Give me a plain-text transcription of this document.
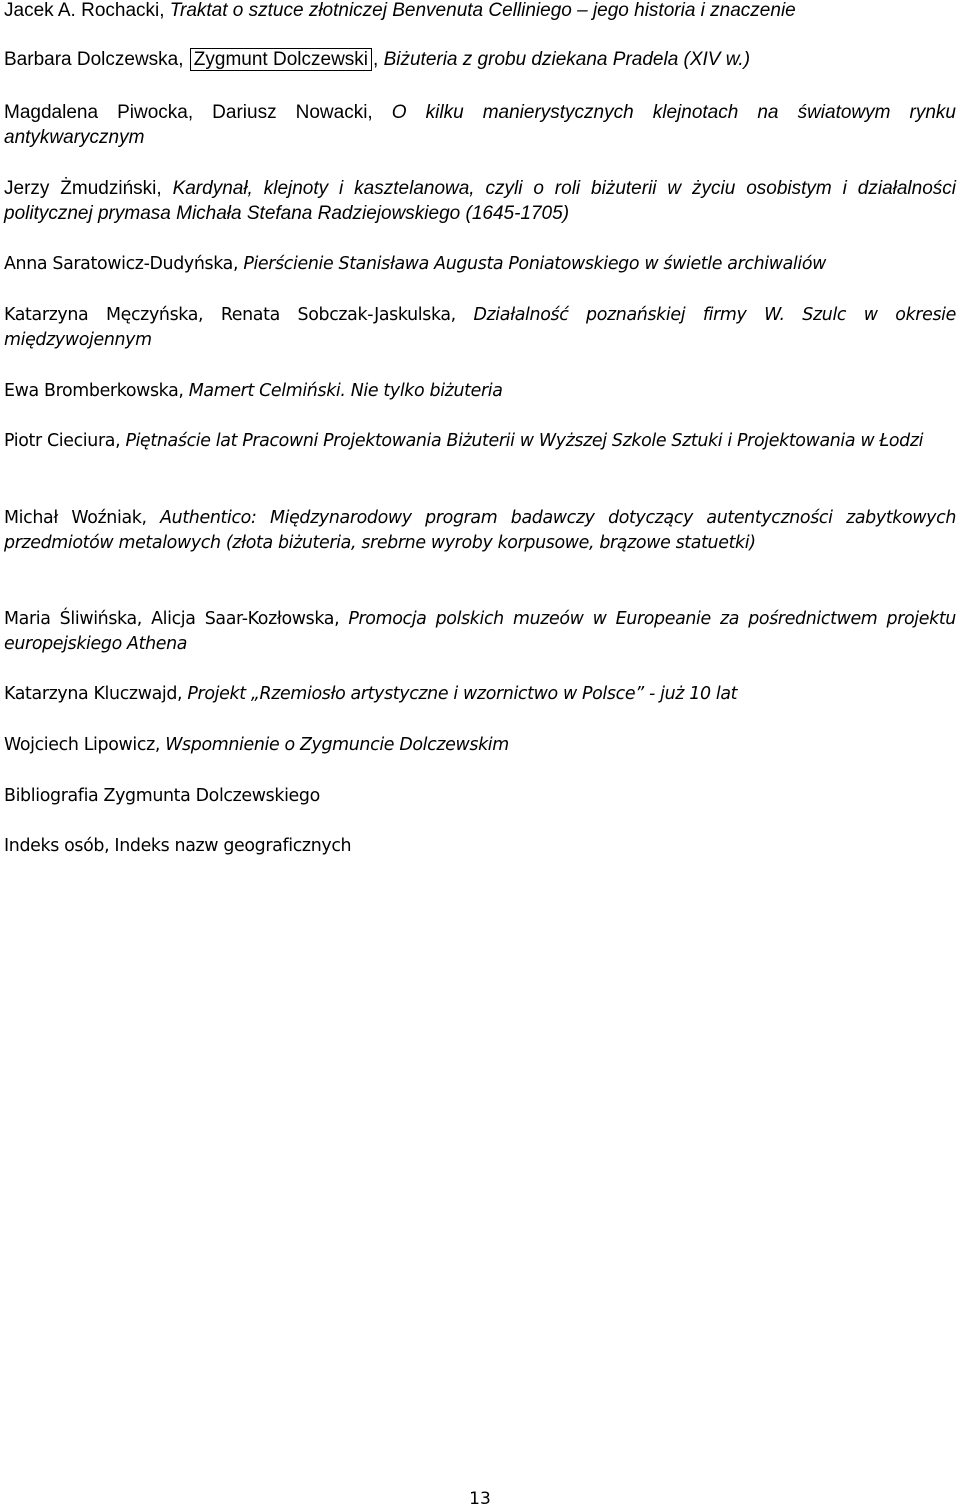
Jacek A. Rochacki, Traktat o sztuce złotniczej Benvenuta Celliniego – jego historia i znaczenie

Barbara Dolczewska, Zygmunt Dolczewski , Biżuteria z grobu dziekana Pradela (XIV w.)

Magdalena Piwocka, Dariusz Nowacki, O kilku manierystycznych klejnotach na światowym rynku antykwarycznym

Jerzy Żmudziński, Kardynał, klejnoty i kasztelanowa, czyli o roli biżuterii w życiu osobistym i działalności politycznej prymasa Michała Stefana Radziejowskiego (1645-1705)

Anna Saratowicz-Dudyńska, Pierścienie Stanisława Augusta Poniatowskiego w świetle archiwaliów

Katarzyna Męczyńska, Renata Sobczak-Jaskulska, Działalność poznańskiej firmy W. Szulc w okresie międzywojennym

Ewa Bromberkowska, Mamert Celmiński. Nie tylko biżuteria

Piotr Cieciura, Piętnaście lat Pracowni Projektowania Biżuterii w Wyższej Szkole Sztuki i Projektowania w Łodzi

Michał Woźniak, Authentico: Międzynarodowy program badawczy dotyczący autentyczności zabytkowych przedmiotów metalowych (złota biżuteria, srebrne wyroby korpusowe, brązowe statuetki)

Maria Śliwińska, Alicja Saar-Kozłowska, Promocja polskich muzeów w Europeanie za pośrednictwem projektu europejskiego Athena

Katarzyna Kluczwajd, Projekt „Rzemiosło artystyczne i wzornictwo w Polsce” - już 10 lat

Wojciech Lipowicz, Wspomnienie o Zygmuncie Dolczewskim

Bibliografia Zygmunta Dolczewskiego

Indeks osób, Indeks nazw geograficznych

13
